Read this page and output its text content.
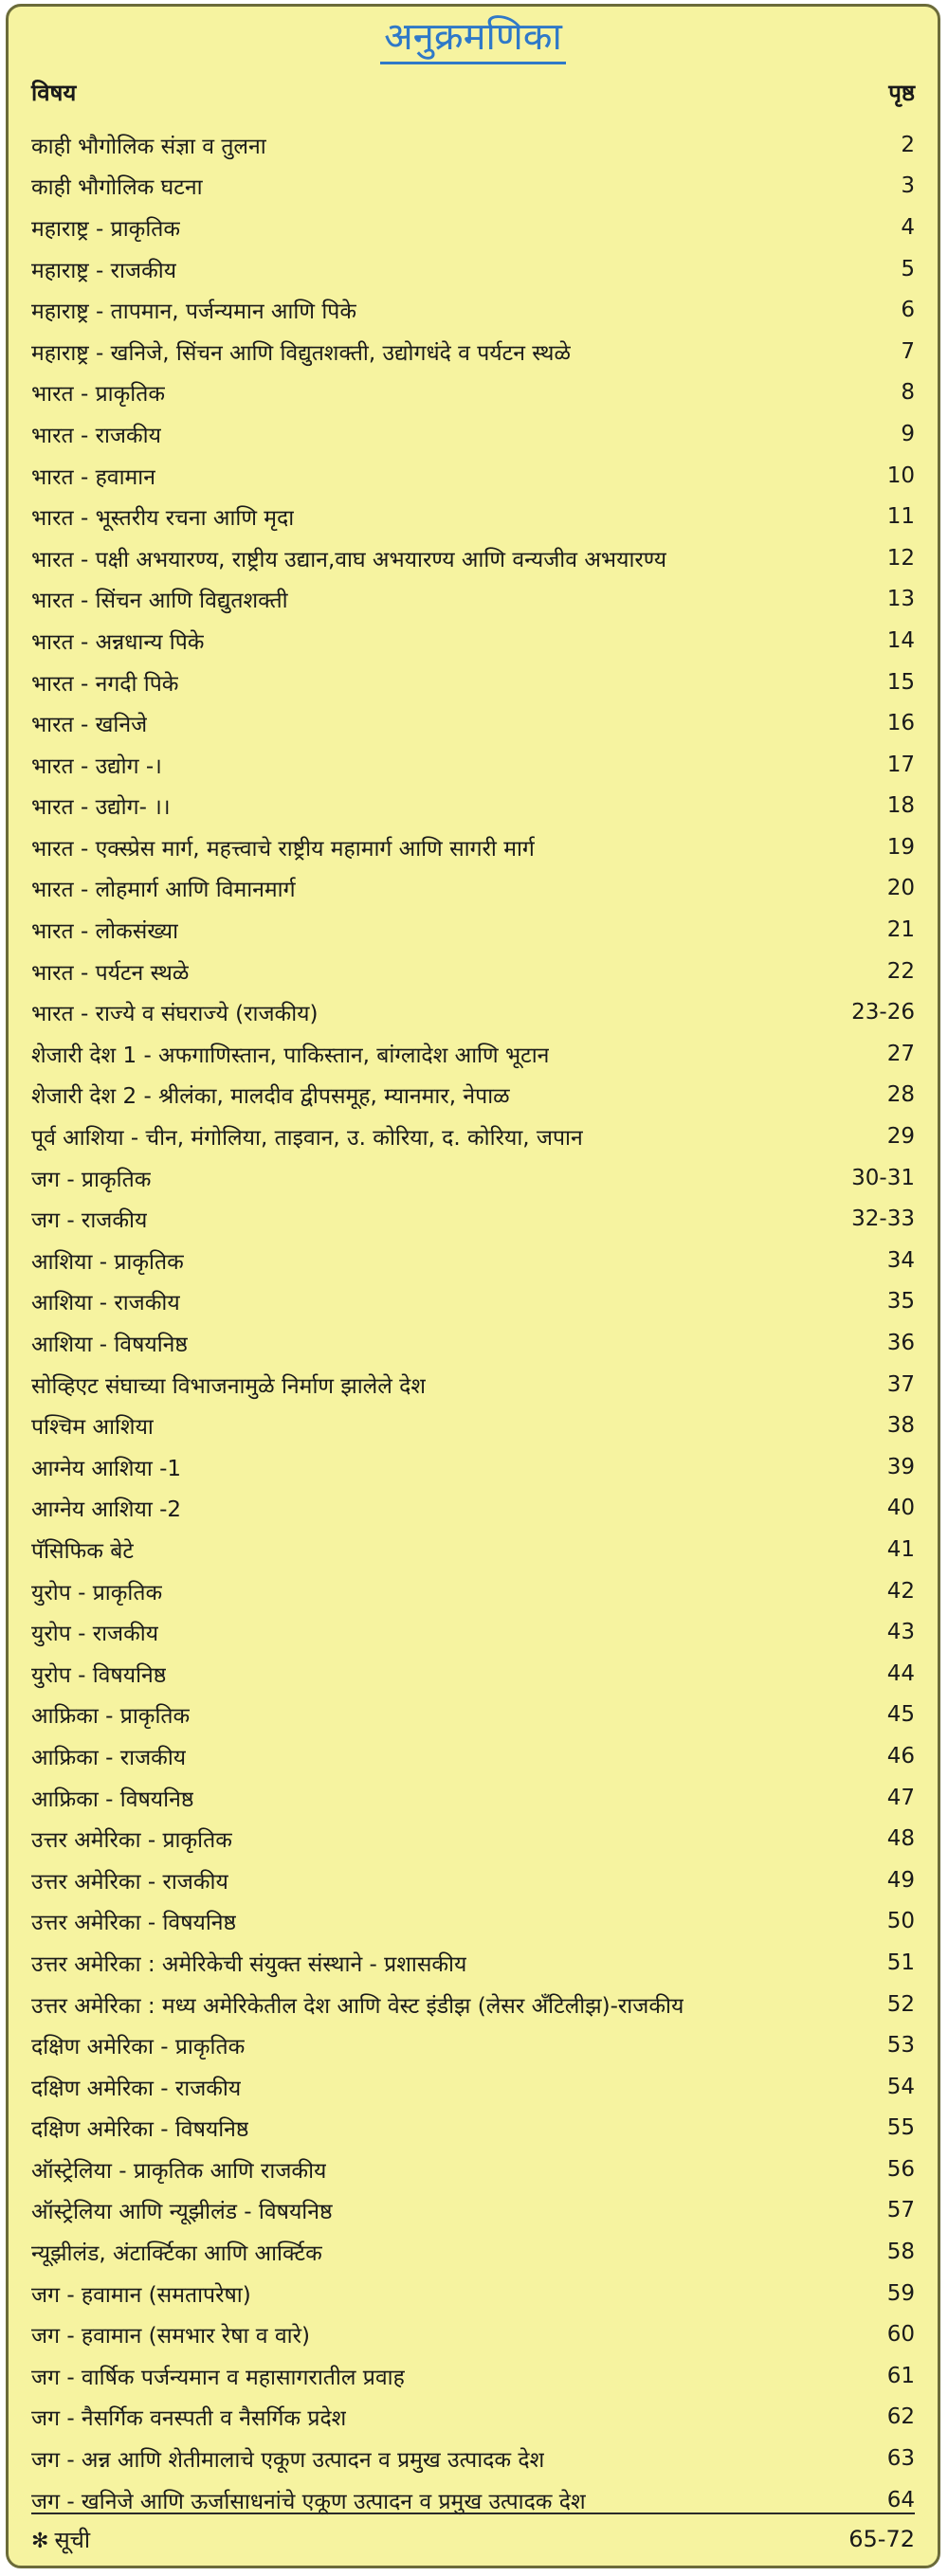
अनुक्रमणिका
विषय	पृष्ठ
काही भौगोलिक संज्ञा व तुलना	2
काही भौगोलिक घटना	3
महाराष्ट्र - प्राकृतिक	4
महाराष्ट्र - राजकीय	5
महाराष्ट्र - तापमान, पर्जन्यमान आणि पिके	6
महाराष्ट्र - खनिजे, सिंचन आणि विद्युतशक्ती, उद्योगधंदे व पर्यटन स्थळे	7
भारत - प्राकृतिक	8
भारत - राजकीय	9
भारत - हवामान	10
भारत - भूस्तरीय रचना आणि मृदा	11
भारत - पक्षी अभयारण्य, राष्ट्रीय उद्यान,वाघ अभयारण्य आणि वन्यजीव अभयारण्य	12
भारत - सिंचन आणि विद्युतशक्ती	13
भारत - अन्नधान्य पिके	14
भारत - नगदी पिके	15
भारत - खनिजे	16
भारत - उद्योग -।	17
भारत - उद्योग- ।।	18
भारत - एक्स्प्रेस मार्ग, महत्त्वाचे राष्ट्रीय महामार्ग आणि सागरी मार्ग	19
भारत - लोहमार्ग आणि विमानमार्ग	20
भारत - लोकसंख्या	21
भारत - पर्यटन स्थळे	22
भारत - राज्ये व संघराज्ये (राजकीय)	23-26
शेजारी देश 1 - अफगाणिस्तान, पाकिस्तान, बांग्लादेश आणि भूटान	27
शेजारी देश 2 - श्रीलंका, मालदीव द्वीपसमूह, म्यानमार, नेपाळ	28
पूर्व आशिया - चीन, मंगोलिया, ताइवान, उ. कोरिया, द. कोरिया, जपान	29
जग - प्राकृतिक	30-31
जग - राजकीय	32-33
आशिया - प्राकृतिक	34
आशिया - राजकीय	35
आशिया - विषयनिष्ठ	36
सोव्हिएट संघाच्या विभाजनामुळे निर्माण झालेले देश	37
पश्चिम आशिया	38
आग्नेय आशिया -1	39
आग्नेय आशिया -2	40
पॅसिफिक बेटे	41
युरोप - प्राकृतिक	42
युरोप - राजकीय	43
युरोप - विषयनिष्ठ	44
आफ्रिका - प्राकृतिक	45
आफ्रिका - राजकीय	46
आफ्रिका - विषयनिष्ठ	47
उत्तर अमेरिका - प्राकृतिक	48
उत्तर अमेरिका - राजकीय	49
उत्तर अमेरिका - विषयनिष्ठ	50
उत्तर अमेरिका : अमेरिकेची संयुक्त संस्थाने - प्रशासकीय	51
उत्तर अमेरिका : मध्य अमेरिकेतील देश आणि वेस्ट इंडीझ (लेसर अँटिलीझ)-राजकीय	52
दक्षिण अमेरिका - प्राकृतिक	53
दक्षिण अमेरिका - राजकीय	54
दक्षिण अमेरिका - विषयनिष्ठ	55
ऑस्ट्रेलिया - प्राकृतिक आणि राजकीय	56
ऑस्ट्रेलिया आणि न्यूझीलंड - विषयनिष्ठ	57
न्यूझीलंड, अंटार्क्टिका आणि आर्क्टिक	58
जग - हवामान (समतापरेषा)	59
जग - हवामान (समभार रेषा व वारे)	60
जग - वार्षिक पर्जन्यमान व महासागरातील प्रवाह	61
जग - नैसर्गिक वनस्पती व नैसर्गिक प्रदेश	62
जग - अन्न आणि शेतीमालाचे एकूण उत्पादन व प्रमुख उत्पादक देश	63
जग - खनिजे आणि ऊर्जासाधनांचे एकूण उत्पादन व प्रमुख उत्पादक देश	64
✻ सूची	65-72
